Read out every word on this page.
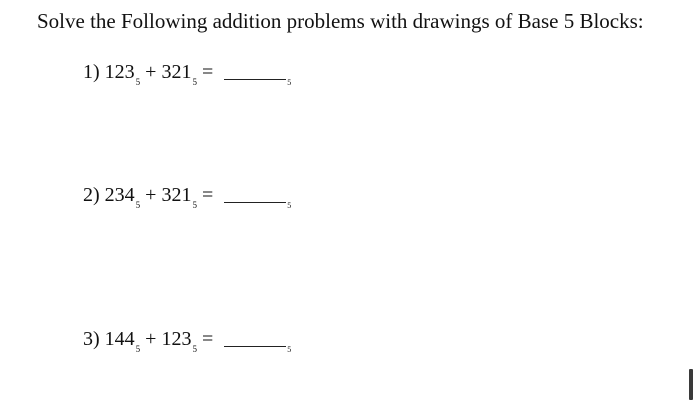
Solve the Following addition problems with drawings of Base 5 Blocks:
1) $123_5 + 321_5$ =	$_5$
2) $234_5 + 321_5$ =	$_5$
3) $144_5 + 123_5$ =	$_5$
